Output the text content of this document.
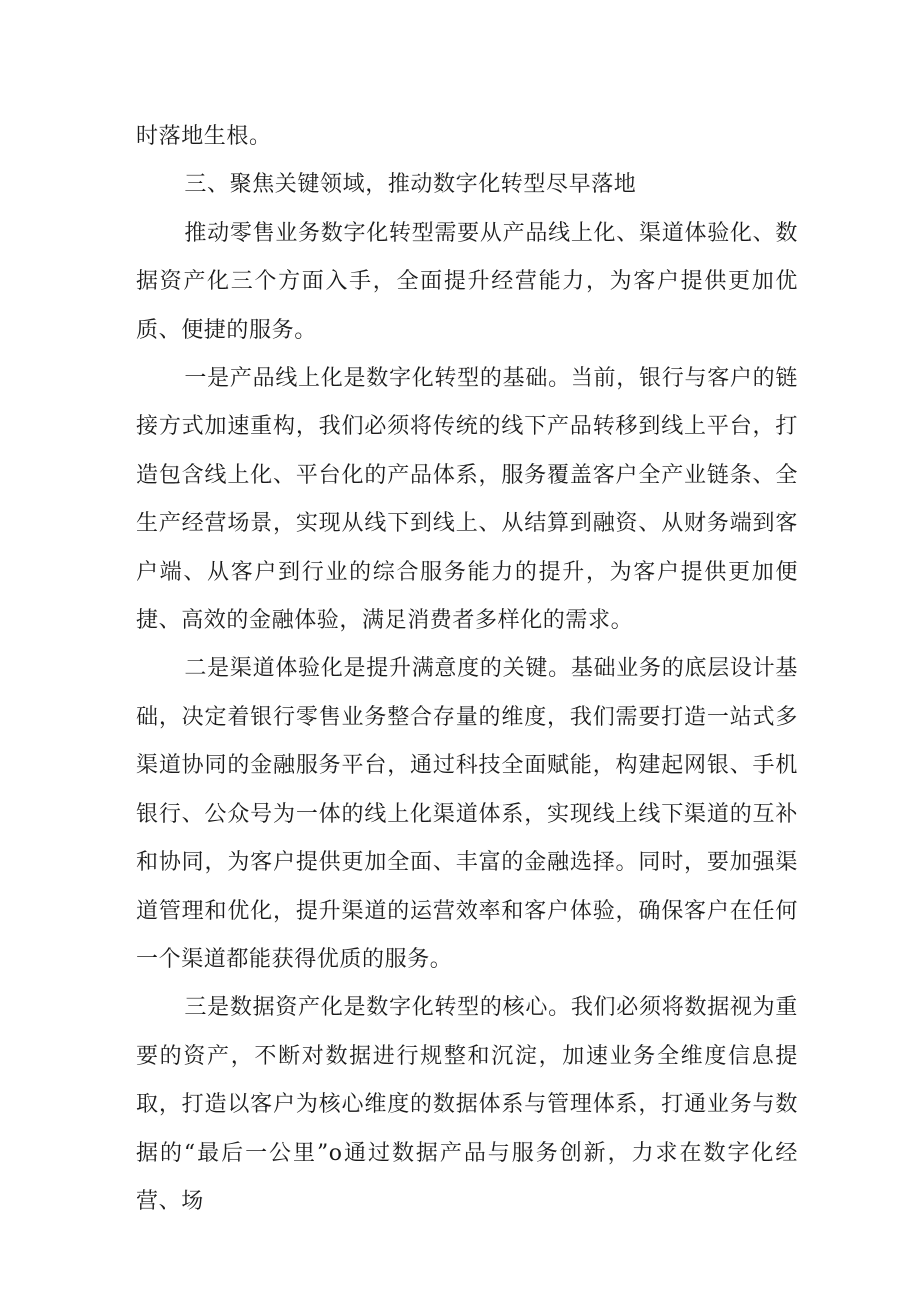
时落地生根。

三、聚焦关键领域，推动数字化转型尽早落地

推动零售业务数字化转型需要从产品线上化、渠道体验化、数据资产化三个方面入手，全面提升经营能力，为客户提供更加优质、便捷的服务。

一是产品线上化是数字化转型的基础。当前，银行与客户的链接方式加速重构，我们必须将传统的线下产品转移到线上平台，打造包含线上化、平台化的产品体系，服务覆盖客户全产业链条、全生产经营场景，实现从线下到线上、从结算到融资、从财务端到客户端、从客户到行业的综合服务能力的提升，为客户提供更加便捷、高效的金融体验，满足消费者多样化的需求。

二是渠道体验化是提升满意度的关键。基础业务的底层设计基础，决定着银行零售业务整合存量的维度，我们需要打造一站式多渠道协同的金融服务平台，通过科技全面赋能，构建起网银、手机银行、公众号为一体的线上化渠道体系，实现线上线下渠道的互补和协同，为客户提供更加全面、丰富的金融选择。同时，要加强渠道管理和优化，提升渠道的运营效率和客户体验，确保客户在任何一个渠道都能获得优质的服务。

三是数据资产化是数字化转型的核心。我们必须将数据视为重要的资产，不断对数据进行规整和沉淀，加速业务全维度信息提取，打造以客户为核心维度的数据体系与管理体系，打通业务与数据的“最后一公里”o通过数据产品与服务创新，力求在数字化经营、场
